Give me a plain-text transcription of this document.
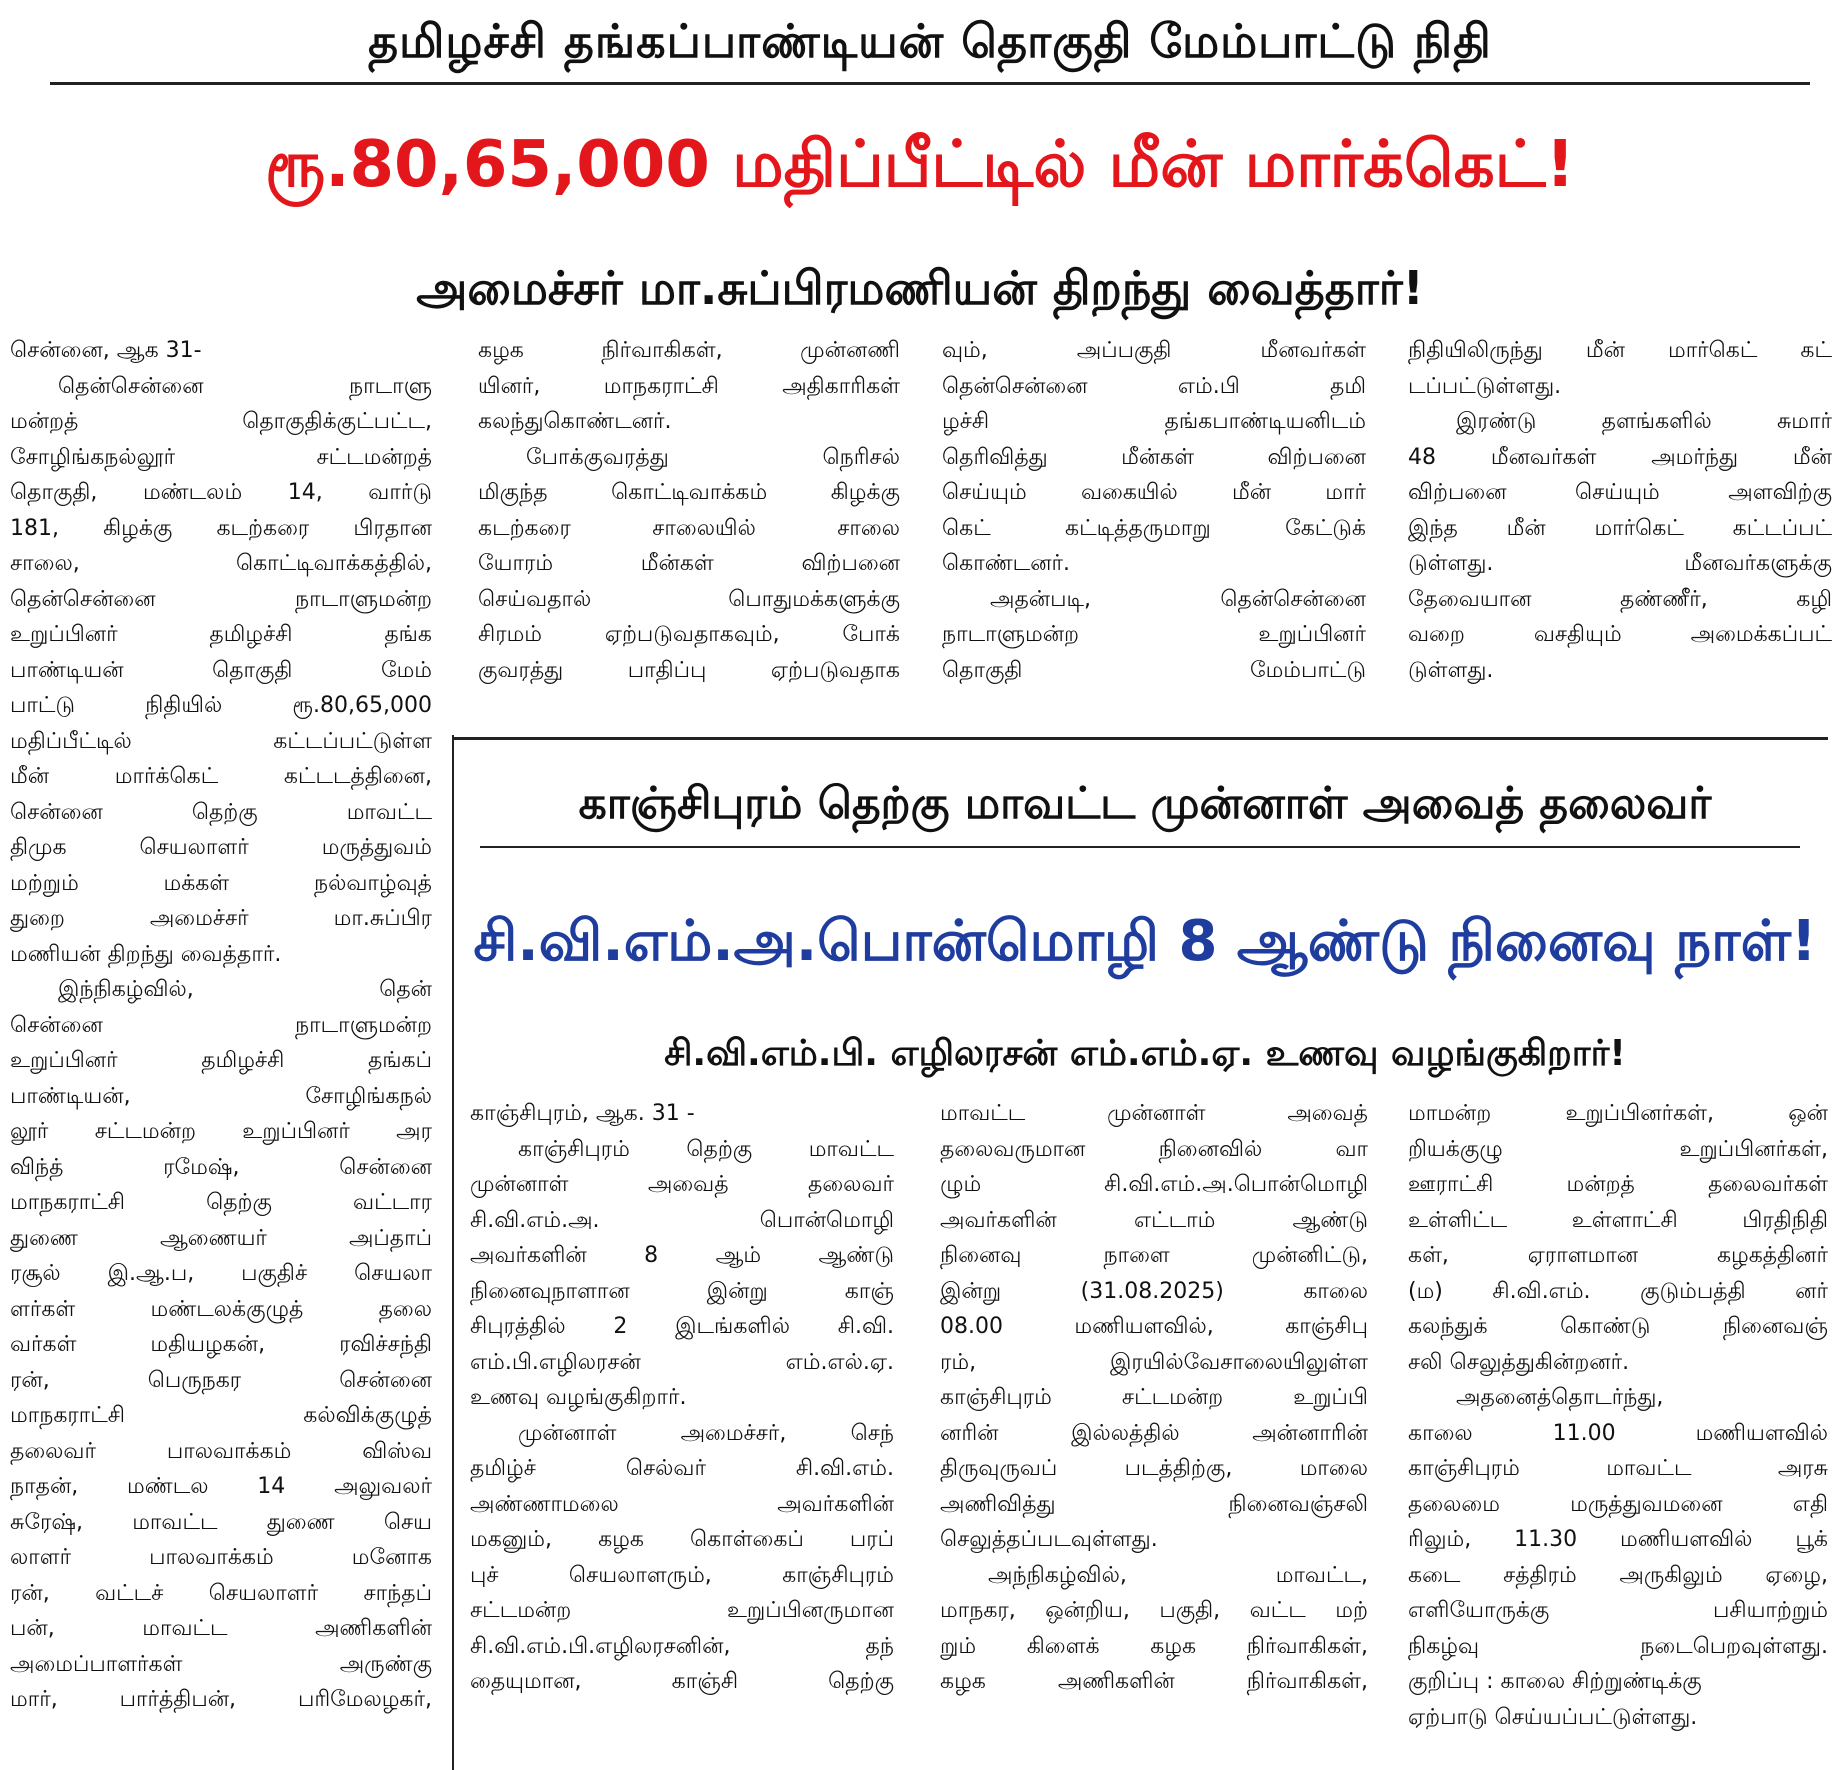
தமிழச்சி தங்கப்பாண்டியன் தொகுதி மேம்பாட்டு நிதி
ரூ.80,65,000 மதிப்பீட்டில் மீன் மார்க்கெட்!
அமைச்சர் மா.சுப்பிரமணியன் திறந்து வைத்தார்!
சென்னை, ஆக 31-
தென்சென்னை நாடாளு
மன்றத் தொகுதிக்குட்பட்ட,
சோழிங்கநல்லூர் சட்டமன்றத்
தொகுதி, மண்டலம் 14, வார்டு
181, கிழக்கு கடற்கரை பிரதான
சாலை, கொட்டிவாக்கத்தில்,
தென்சென்னை நாடாளுமன்ற
உறுப்பினர் தமிழச்சி தங்க
பாண்டியன் தொகுதி மேம்
பாட்டு நிதியில் ரூ.80,65,000
மதிப்பீட்டில் கட்டப்பட்டுள்ள
மீன் மார்க்கெட் கட்டடத்தினை,
சென்னை தெற்கு மாவட்ட
திமுக செயலாளர் மருத்துவம்
மற்றும் மக்கள் நல்வாழ்வுத்
துறை அமைச்சர் மா.சுப்பிர
மணியன் திறந்து வைத்தார்.
இந்நிகழ்வில், தென்
சென்னை நாடாளுமன்ற
உறுப்பினர் தமிழச்சி தங்கப்
பாண்டியன், சோழிங்கநல்
லூர் சட்டமன்ற உறுப்பினர் அர
விந்த் ரமேஷ், சென்னை
மாநகராட்சி தெற்கு வட்டார
துணை ஆணையர் அப்தாப்
ரசூல் இ.ஆ.ப, பகுதிச் செயலா
ளர்கள் மண்டலக்குழுத் தலை
வர்கள் மதியழகன், ரவிச்சந்தி
ரன், பெருநகர சென்னை
மாநகராட்சி கல்விக்குழுத்
தலைவர் பாலவாக்கம் விஸ்வ
நாதன், மண்டல 14 அலுவலர்
சுரேஷ், மாவட்ட துணை செய
லாளர் பாலவாக்கம் மனோக
ரன், வட்டச் செயலாளர் சாந்தப்
பன், மாவட்ட அணிகளின்
அமைப்பாளர்கள் அருண்கு
மார், பார்த்திபன், பரிமேலழகர்,
கழக நிர்வாகிகள், முன்னணி
யினர், மாநகராட்சி அதிகாரிகள்
கலந்துகொண்டனர்.
போக்குவரத்து நெரிசல்
மிகுந்த கொட்டிவாக்கம் கிழக்கு
கடற்கரை சாலையில் சாலை
யோரம் மீன்கள் விற்பனை
செய்வதால் பொதுமக்களுக்கு
சிரமம் ஏற்படுவதாகவும், போக்
குவரத்து பாதிப்பு ஏற்படுவதாக
வும், அப்பகுதி மீனவர்கள்
தென்சென்னை எம்.பி தமி
ழச்சி தங்கபாண்டியனிடம்
தெரிவித்து மீன்கள் விற்பனை
செய்யும் வகையில் மீன் மார்
கெட் கட்டித்தருமாறு கேட்டுக்
கொண்டனர்.
அதன்படி, தென்சென்னை
நாடாளுமன்ற உறுப்பினர்
தொகுதி மேம்பாட்டு
நிதியிலிருந்து மீன் மார்கெட் கட்
டப்பட்டுள்ளது.
இரண்டு தளங்களில் சுமார்
48 மீனவர்கள் அமர்ந்து மீன்
விற்பனை செய்யும் அளவிற்கு
இந்த மீன் மார்கெட் கட்டப்பட்
டுள்ளது. மீனவர்களுக்கு
தேவையான தண்ணீர், கழி
வறை வசதியும் அமைக்கப்பட்
டுள்ளது.
காஞ்சிபுரம் தெற்கு மாவட்ட முன்னாள் அவைத் தலைவர்
சி.வி.எம்.அ.பொன்மொழி 8 ஆண்டு நினைவு நாள்!
சி.வி.எம்.பி. எழிலரசன் எம்.எம்.ஏ. உணவு வழங்குகிறார்!
காஞ்சிபுரம், ஆக. 31 -
காஞ்சிபுரம் தெற்கு மாவட்ட
முன்னாள் அவைத் தலைவர்
சி.வி.எம்.அ. பொன்மொழி
அவர்களின் 8 ஆம் ஆண்டு
நினைவுநாளான இன்று காஞ்
சிபுரத்தில் 2 இடங்களில் சி.வி.
எம்.பி.எழிலரசன் எம்.எல்.ஏ.
உணவு வழங்குகிறார்.
முன்னாள் அமைச்சர், செந்
தமிழ்ச் செல்வர் சி.வி.எம்.
அண்ணாமலை அவர்களின்
மகனும், கழக கொள்கைப் பரப்
புச் செயலாளரும், காஞ்சிபுரம்
சட்டமன்ற உறுப்பினருமான
சி.வி.எம்.பி.எழிலரசனின், தந்
தையுமான, காஞ்சி தெற்கு
மாவட்ட முன்னாள் அவைத்
தலைவருமான நினைவில் வா
ழும் சி.வி.எம்.அ.பொன்மொழி
அவர்களின் எட்டாம் ஆண்டு
நினைவு நாளை முன்னிட்டு,
இன்று (31.08.2025) காலை
08.00 மணியளவில், காஞ்சிபு
ரம், இரயில்வேசாலையிலுள்ள
காஞ்சிபுரம் சட்டமன்ற உறுப்பி
னரின் இல்லத்தில் அன்னாரின்
திருவுருவப் படத்திற்கு, மாலை
அணிவித்து நினைவஞ்சலி
செலுத்தப்படவுள்ளது.
அந்நிகழ்வில், மாவட்ட,
மாநகர, ஒன்றிய, பகுதி, வட்ட மற்
றும் கிளைக் கழக நிர்வாகிகள்,
கழக அணிகளின் நிர்வாகிகள்,
மாமன்ற உறுப்பினர்கள், ஒன்
றியக்குழு உறுப்பினர்கள்,
ஊராட்சி மன்றத் தலைவர்கள்
உள்ளிட்ட உள்ளாட்சி பிரதிநிதி
கள், ஏராளமான கழகத்தினர்
(ம) சி.வி.எம். குடும்பத்தி னர்
கலந்துக் கொண்டு நினைவஞ்
சலி செலுத்துகின்றனர்.
அதனைத்தொடர்ந்து,
காலை 11.00 மணியளவில்
காஞ்சிபுரம் மாவட்ட அரசு
தலைமை மருத்துவமனை எதி
ரிலும், 11.30 மணியளவில் பூக்
கடை சத்திரம் அருகிலும் ஏழை,
எளியோருக்கு பசியாற்றும்
நிகழ்வு நடைபெறவுள்ளது.
குறிப்பு : காலை சிற்றுண்டிக்கு
ஏற்பாடு செய்யப்பட்டுள்ளது.
